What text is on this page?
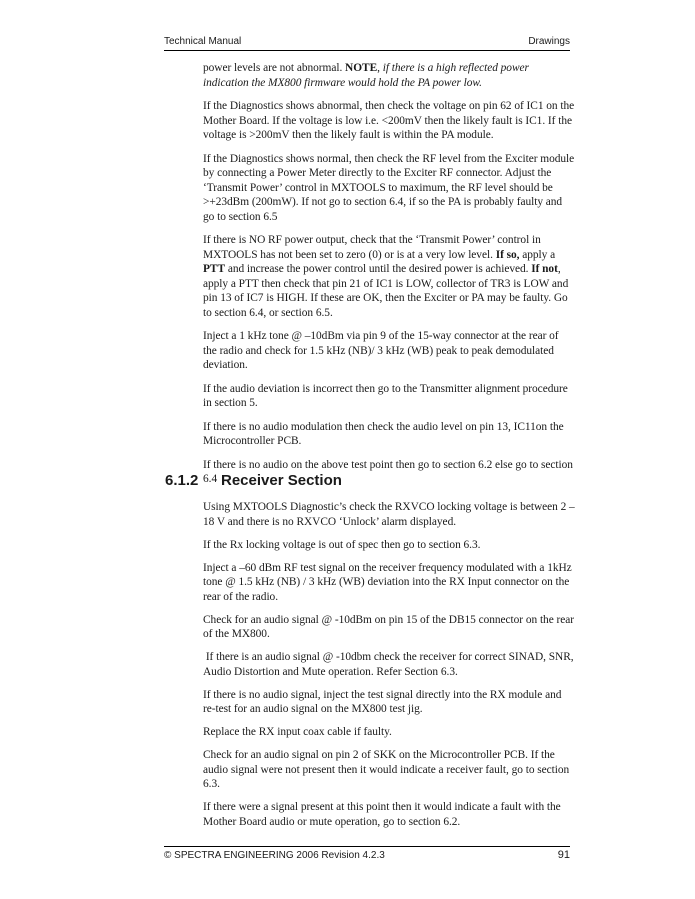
Technical Manual	Drawings

power levels are not abnormal. NOTE, if there is a high reflected power indication the MX800 firmware would hold the PA power low.

If the Diagnostics shows abnormal, then check the voltage on pin 62 of IC1 on the Mother Board. If the voltage is low i.e. <200mV then the likely fault is IC1. If the voltage is >200mV then the likely fault is within the PA module.

If the Diagnostics shows normal, then check the RF level from the Exciter module by connecting a Power Meter directly to the Exciter RF connector. Adjust the ‘Transmit Power’ control in MXTOOLS to maximum, the RF level should be >+23dBm (200mW). If not go to section 6.4, if so the PA is probably faulty and go to section 6.5

If there is NO RF power output, check that the ‘Transmit Power’ control in MXTOOLS has not been set to zero (0) or is at a very low level. If so, apply a PTT and increase the power control until the desired power is achieved. If not, apply a PTT then check that pin 21 of IC1 is LOW, collector of TR3 is LOW and pin 13 of IC7 is HIGH. If these are OK, then the Exciter or PA may be faulty. Go to section 6.4, or section 6.5.

Inject a 1 kHz tone @ –10dBm via pin 9 of the 15-way connector at the rear of the radio and check for 1.5 kHz (NB)/ 3 kHz (WB) peak to peak demodulated deviation.

If the audio deviation is incorrect then go to the Transmitter alignment procedure in section 5.

If there is no audio modulation then check the audio level on pin 13, IC11on the Microcontroller PCB.

If there is no audio on the above test point then go to section 6.2 else go to section 6.4

6.1.2 Receiver Section

Using MXTOOLS Diagnostic’s check the RXVCO locking voltage is between 2 – 18 V and there is no RXVCO ‘Unlock’ alarm displayed.

If the Rx locking voltage is out of spec then go to section 6.3.

Inject a –60 dBm RF test signal on the receiver frequency modulated with a 1kHz tone @ 1.5 kHz (NB) / 3 kHz (WB) deviation into the RX Input connector on the rear of the radio.

Check for an audio signal @ -10dBm on pin 15 of the DB15 connector on the rear of the MX800.

If there is an audio signal @ -10dbm check the receiver for correct SINAD, SNR, Audio Distortion and Mute operation. Refer Section 6.3.

If there is no audio signal, inject the test signal directly into the RX module and re-test for an audio signal on the MX800 test jig.

Replace the RX input coax cable if faulty.

Check for an audio signal on pin 2 of SKK on the Microcontroller PCB. If the audio signal were not present then it would indicate a receiver fault, go to section 6.3.

If there were a signal present at this point then it would indicate a fault with the Mother Board audio or mute operation, go to section 6.2.

© SPECTRA ENGINEERING 2006 Revision 4.2.3	91
